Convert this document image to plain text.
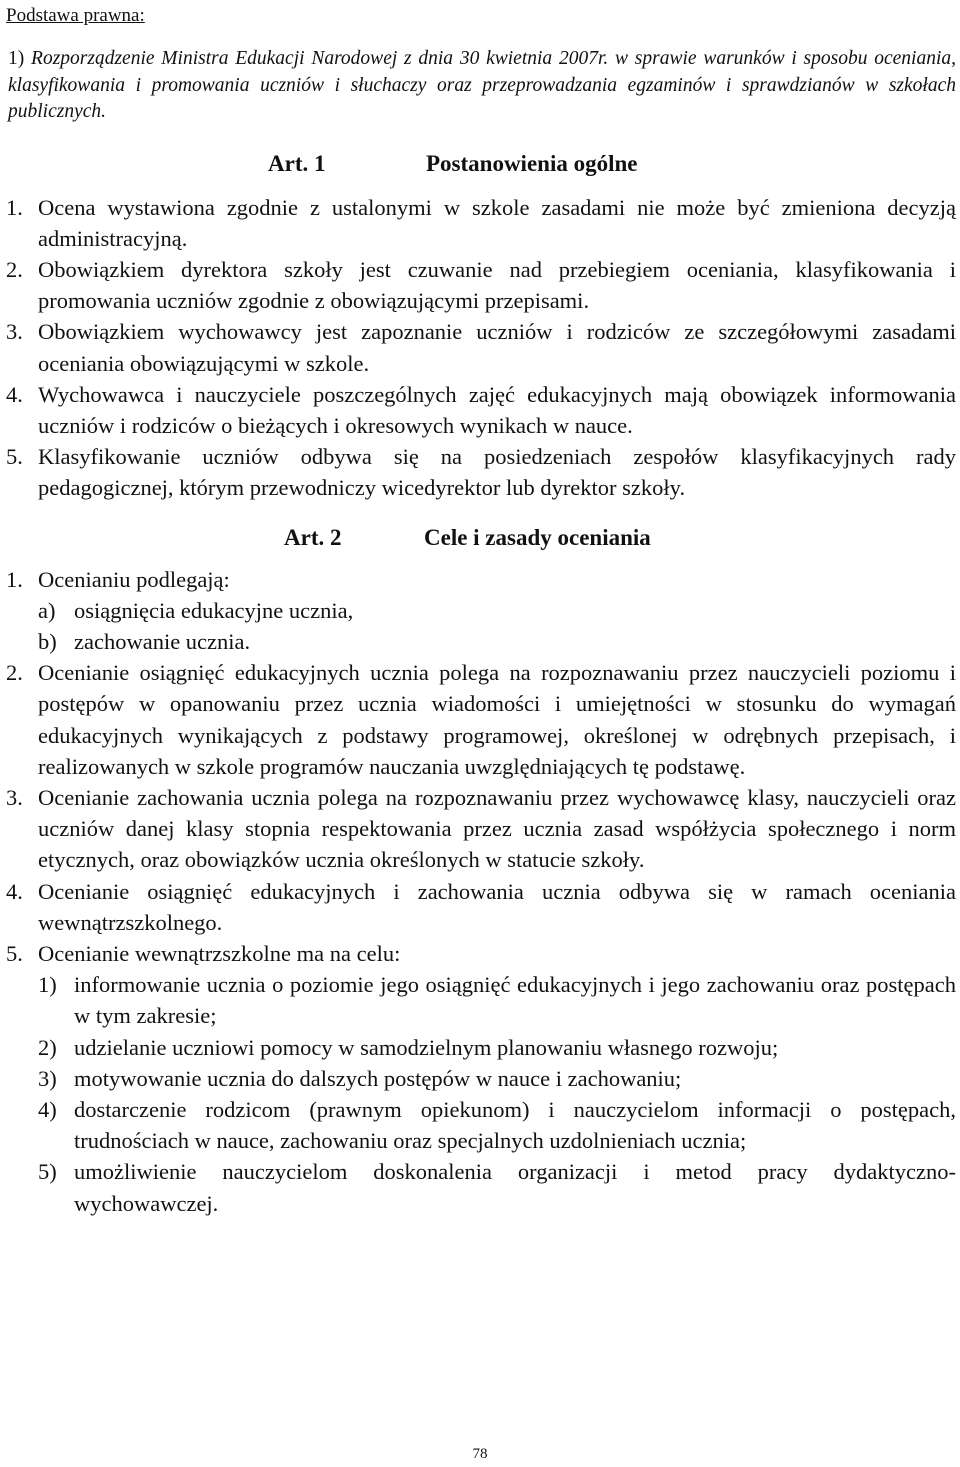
Podstawa prawna:
1) Rozporządzenie Ministra Edukacji Narodowej z dnia 30 kwietnia 2007r. w sprawie warunków i sposobu oceniania, klasyfikowania i promowania uczniów i słuchaczy oraz przeprowadzania egzaminów i sprawdzianów w szkołach publicznych.
Art. 1	Postanowienia ogólne
1. Ocena wystawiona zgodnie z ustalonymi w szkole zasadami nie może być zmieniona decyzją administracyjną.
2. Obowiązkiem dyrektora szkoły jest czuwanie nad przebiegiem oceniania, klasyfikowania i promowania uczniów zgodnie z obowiązującymi przepisami.
3. Obowiązkiem wychowawcy jest zapoznanie uczniów i rodziców ze szczegółowymi zasadami oceniania obowiązującymi w szkole.
4. Wychowawca i nauczyciele poszczególnych zajęć edukacyjnych mają obowiązek informowania uczniów i rodziców o bieżących i okresowych wynikach w nauce.
5. Klasyfikowanie uczniów odbywa się na posiedzeniach zespołów klasyfikacyjnych rady pedagogicznej, którym przewodniczy wicedyrektor lub dyrektor szkoły.
Art. 2	Cele i zasady oceniania
1. Ocenianiu podlegają:
a) osiągnięcia edukacyjne ucznia,
b) zachowanie ucznia.
2. Ocenianie osiągnięć edukacyjnych ucznia polega na rozpoznawaniu przez nauczycieli poziomu i postępów w opanowaniu przez ucznia wiadomości i umiejętności w stosunku do wymagań edukacyjnych wynikających z podstawy programowej, określonej w odrębnych przepisach, i realizowanych w szkole programów nauczania uwzględniających tę podstawę.
3. Ocenianie zachowania ucznia polega na rozpoznawaniu przez wychowawcę klasy, nauczycieli oraz uczniów danej klasy stopnia respektowania przez ucznia zasad współżycia społecznego i norm etycznych, oraz obowiązków ucznia określonych w statucie szkoły.
4. Ocenianie osiągnięć edukacyjnych i zachowania ucznia odbywa się w ramach oceniania wewnątrzszkolnego.
5. Ocenianie wewnątrzszkolne ma na celu:
1) informowanie ucznia o poziomie jego osiągnięć edukacyjnych i jego zachowaniu oraz postępach w tym zakresie;
2) udzielanie uczniowi pomocy w samodzielnym planowaniu własnego rozwoju;
3) motywowanie ucznia do dalszych postępów w nauce i zachowaniu;
4) dostarczenie rodzicom (prawnym opiekunom) i nauczycielom informacji o postępach, trudnościach w nauce, zachowaniu oraz specjalnych uzdolnieniach ucznia;
5) umożliwienie nauczycielom doskonalenia organizacji i metod pracy dydaktyczno-wychowawczej.
78
